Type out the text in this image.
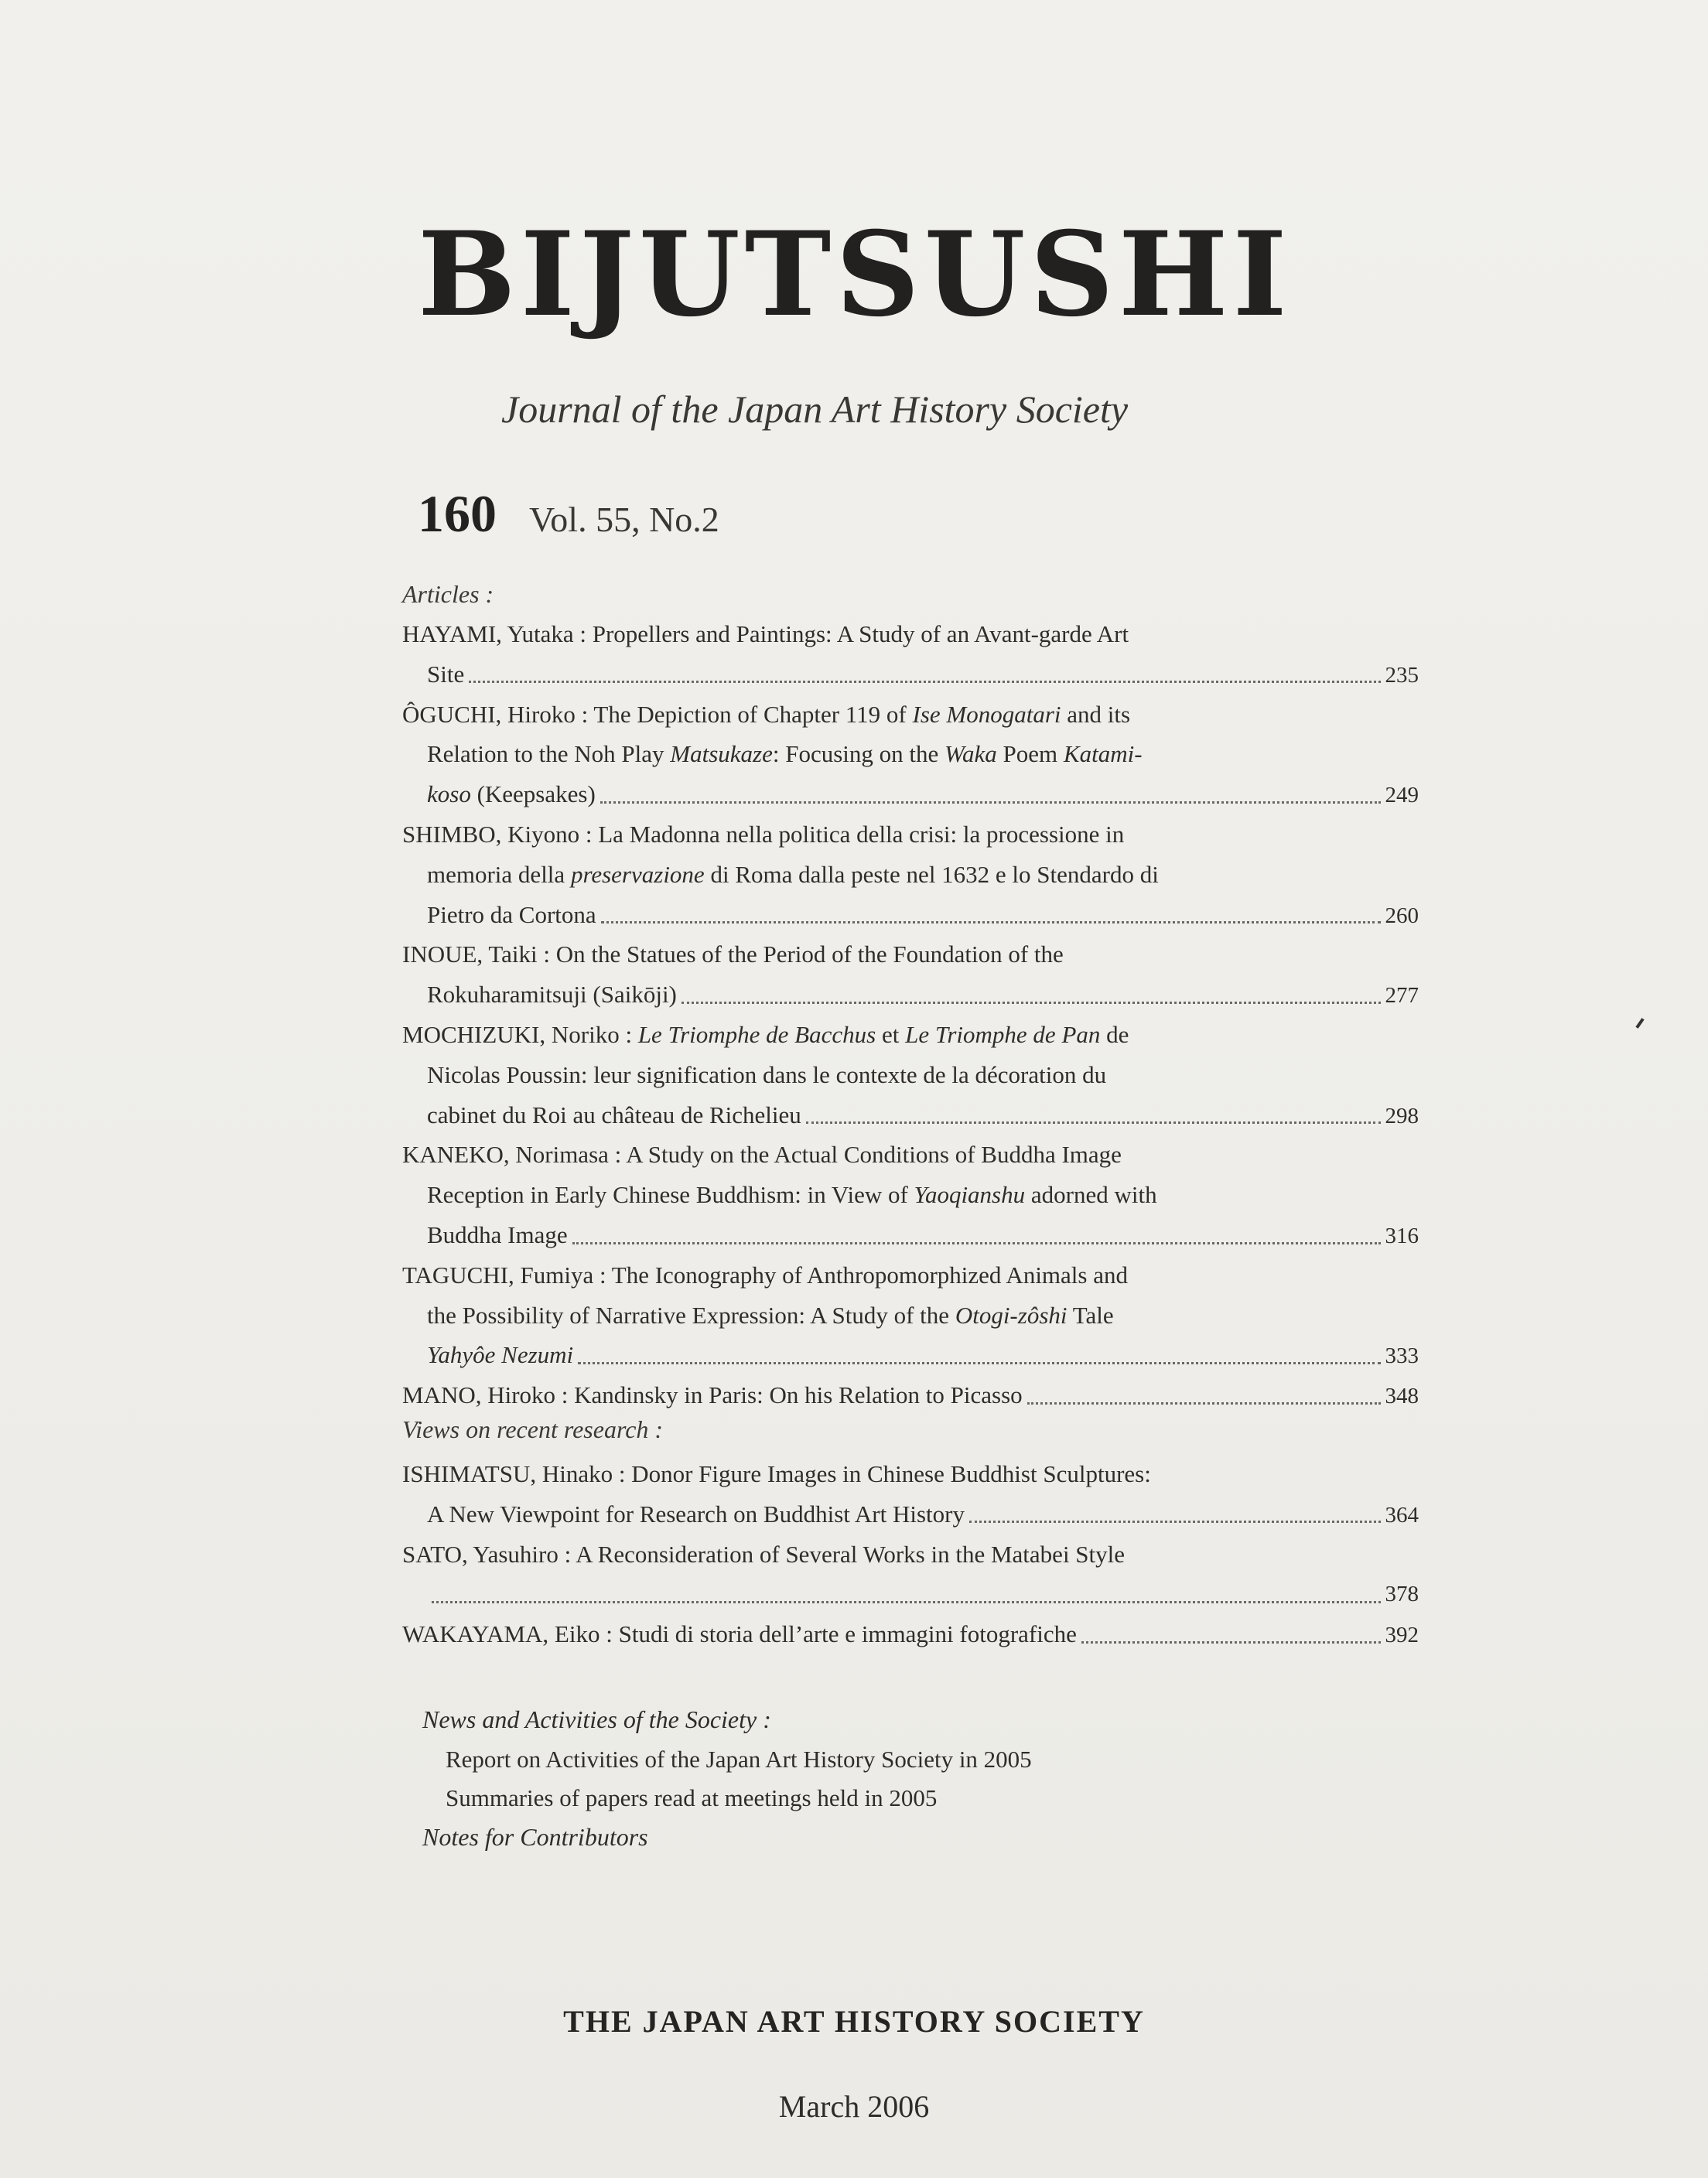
BIJUTSUSHI
Journal of the Japan Art History Society
160 Vol. 55, No.2
Articles :
HAYAMI, Yutaka : Propellers and Paintings: A Study of an Avant-garde Art
Site	235
ÔGUCHI, Hiroko : The Depiction of Chapter 119 of Ise Monogatari and its
Relation to the Noh Play Matsukaze: Focusing on the Waka Poem Katami-
koso (Keepsakes)	249
SHIMBO, Kiyono : La Madonna nella politica della crisi: la processione in
memoria della preservazione di Roma dalla peste nel 1632 e lo Stendardo di
Pietro da Cortona	260
INOUE, Taiki : On the Statues of the Period of the Foundation of the
Rokuharamitsuji (Saikōji)	277
MOCHIZUKI, Noriko : Le Triomphe de Bacchus et Le Triomphe de Pan de
Nicolas Poussin: leur signification dans le contexte de la décoration du
cabinet du Roi au château de Richelieu	298
KANEKO, Norimasa : A Study on the Actual Conditions of Buddha Image
Reception in Early Chinese Buddhism: in View of Yaoqianshu adorned with
Buddha Image	316
TAGUCHI, Fumiya : The Iconography of Anthropomorphized Animals and
the Possibility of Narrative Expression: A Study of the Otogi-zôshi Tale
Yahyôe Nezumi	333
MANO, Hiroko : Kandinsky in Paris: On his Relation to Picasso	348
Views on recent research :
ISHIMATSU, Hinako : Donor Figure Images in Chinese Buddhist Sculptures:
A New Viewpoint for Research on Buddhist Art History	364
SATO, Yasuhiro : A Reconsideration of Several Works in the Matabei Style
378
WAKAYAMA, Eiko : Studi di storia dell’arte e immagini fotografiche	392
News and Activities of the Society :
Report on Activities of the Japan Art History Society in 2005
Summaries of papers read at meetings held in 2005
Notes for Contributors
THE JAPAN ART HISTORY SOCIETY
March 2006
